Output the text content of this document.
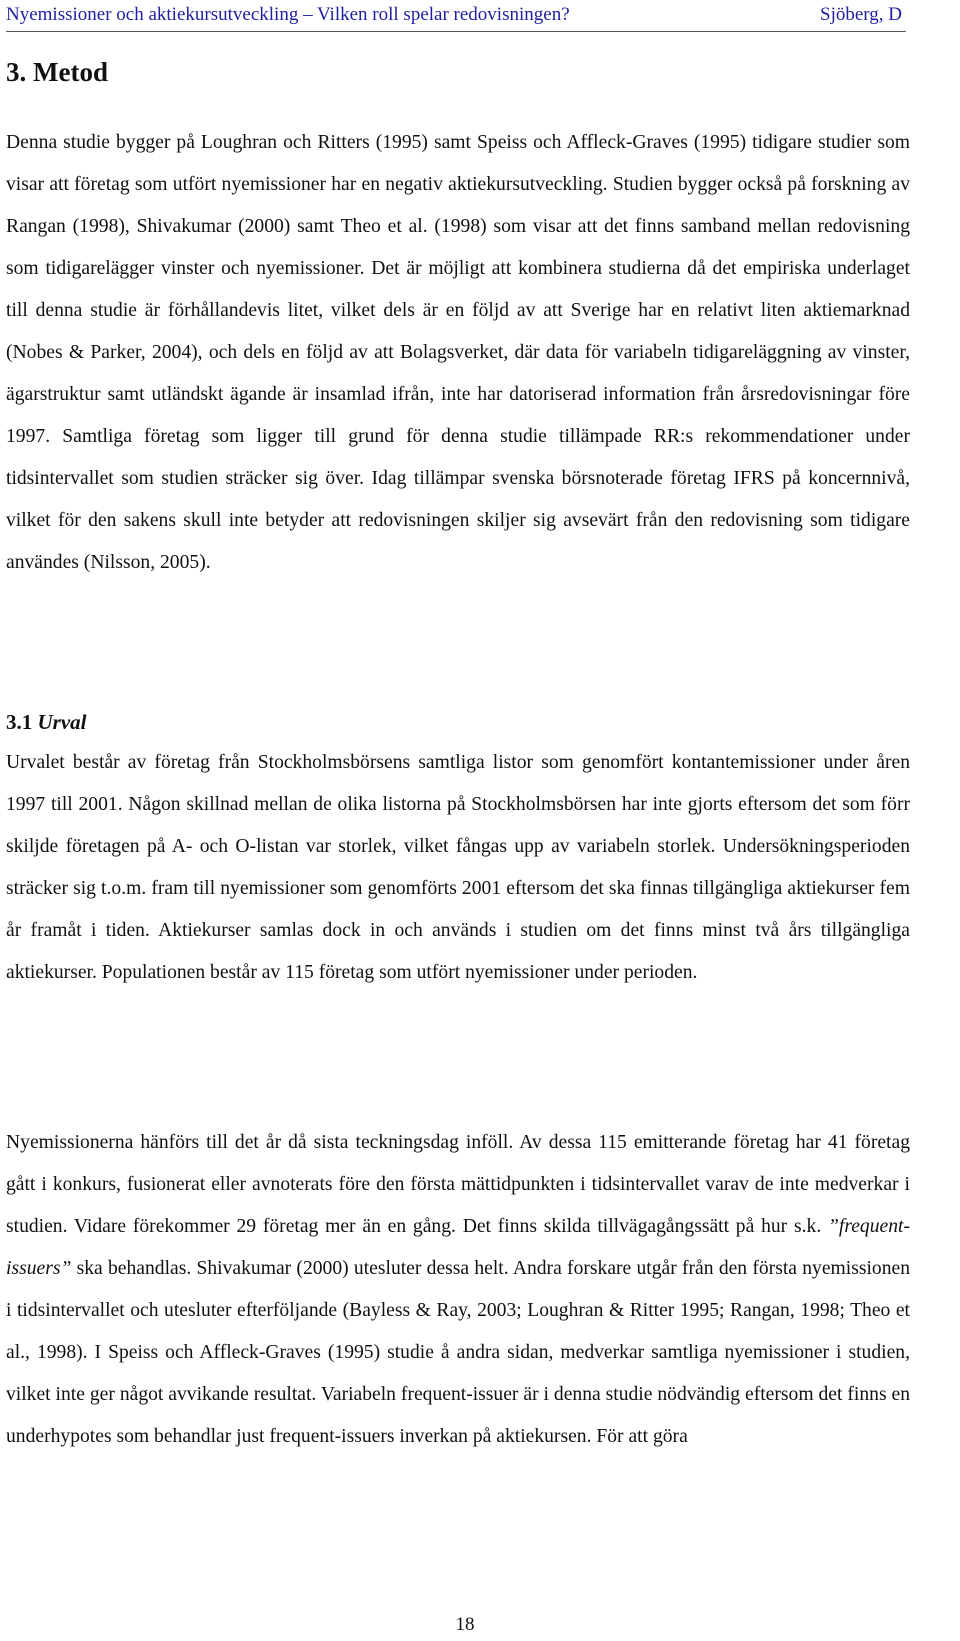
Nyemissioner och aktiekursutveckling – Vilken roll spelar redovisningen?	Sjöberg, D
3. Metod

Denna studie bygger på Loughran och Ritters (1995) samt Speiss och Affleck-Graves (1995) tidigare studier som visar att företag som utfört nyemissioner har en negativ aktiekursutveckling. Studien bygger också på forskning av Rangan (1998), Shivakumar (2000) samt Theo et al. (1998) som visar att det finns samband mellan redovisning som tidigarelägger vinster och nyemissioner. Det är möjligt att kombinera studierna då det empiriska underlaget till denna studie är förhållandevis litet, vilket dels är en följd av att Sverige har en relativt liten aktiemarknad (Nobes & Parker, 2004), och dels en följd av att Bolagsverket, där data för variabeln tidigareläggning av vinster, ägarstruktur samt utländskt ägande är insamlad ifrån, inte har datoriserad information från årsredovisningar före 1997. Samtliga företag som ligger till grund för denna studie tillämpade RR:s rekommendationer under tidsintervallet som studien sträcker sig över. Idag tillämpar svenska börsnoterade företag IFRS på koncernnivå, vilket för den sakens skull inte betyder att redovisningen skiljer sig avsevärt från den redovisning som tidigare användes (Nilsson, 2005).

3.1 Urval

Urvalet består av företag från Stockholmsbörsens samtliga listor som genomfört kontantemissioner under åren 1997 till 2001. Någon skillnad mellan de olika listorna på Stockholmsbörsen har inte gjorts eftersom det som förr skiljde företagen på A- och O-listan var storlek, vilket fångas upp av variabeln storlek. Undersökningsperioden sträcker sig t.o.m. fram till nyemissioner som genomförts 2001 eftersom det ska finnas tillgängliga aktiekurser fem år framåt i tiden. Aktiekurser samlas dock in och används i studien om det finns minst två års tillgängliga aktiekurser. Populationen består av 115 företag som utfört nyemissioner under perioden.

Nyemissionerna hänförs till det år då sista teckningsdag inföll. Av dessa 115 emitterande företag har 41 företag gått i konkurs, fusionerat eller avnoterats före den första mättidpunkten i tidsintervallet varav de inte medverkar i studien. Vidare förekommer 29 företag mer än en gång. Det finns skilda tillvägagångssätt på hur s.k. ”frequent-issuers” ska behandlas. Shivakumar (2000) utesluter dessa helt. Andra forskare utgår från den första nyemissionen i tidsintervallet och utesluter efterföljande (Bayless & Ray, 2003; Loughran & Ritter 1995; Rangan, 1998; Theo et al., 1998). I Speiss och Affleck-Graves (1995) studie å andra sidan, medverkar samtliga nyemissioner i studien, vilket inte ger något avvikande resultat. Variabeln frequent-issuer är i denna studie nödvändig eftersom det finns en underhypotes som behandlar just frequent-issuers inverkan på aktiekursen. För att göra

18
